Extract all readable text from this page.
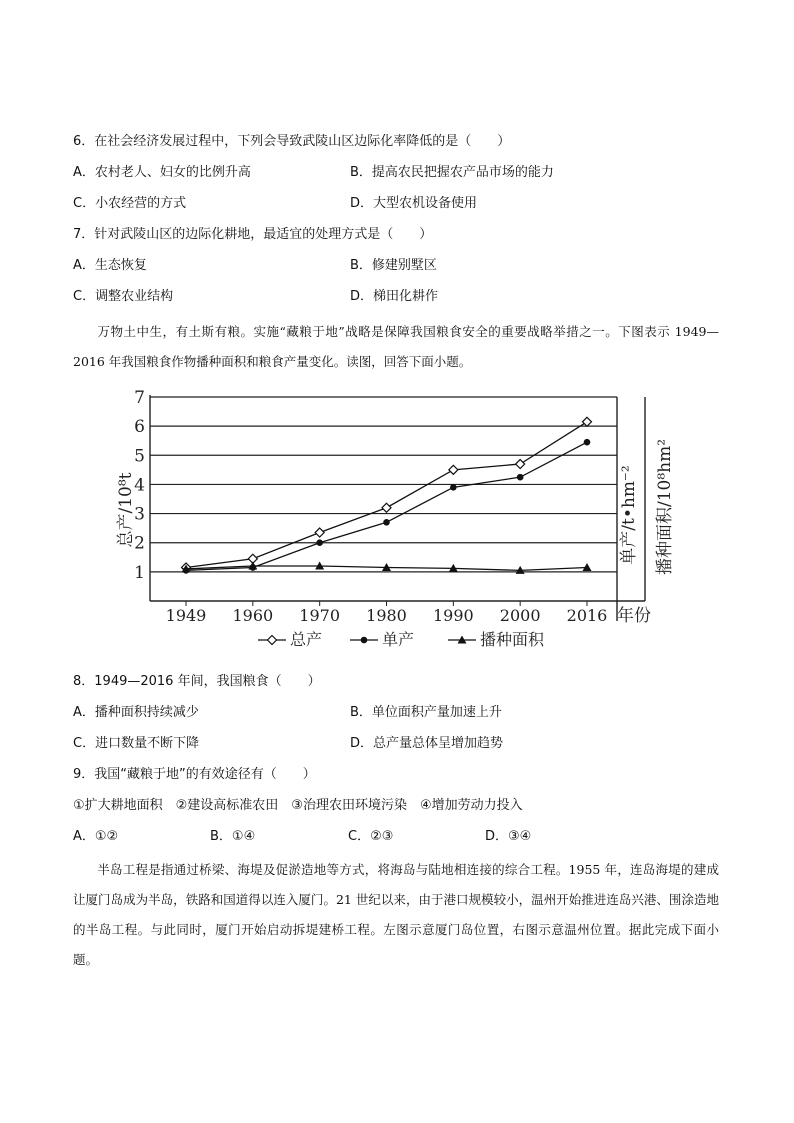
6．在社会经济发展过程中，下列会导致武陵山区边际化率降低的是（　　）
A．农村老人、妇女的比例升高	B．提高农民把握农产品市场的能力
C．小农经营的方式	D．大型农机设备使用
7．针对武陵山区的边际化耕地，最适宜的处理方式是（　　）
A．生态恢复	B．修建别墅区
C．调整农业结构	D．梯田化耕作
万物土中生，有土斯有粮。实施“藏粮于地”战略是保障我国粮食安全的重要战略举措之一。下图表示 1949—2016 年我国粮食作物播种面积和粮食产量变化。读图，回答下面小题。
1
2
3
4
5
6
7
1949 1960 1970 1980 1990 2000 2016
总产/10⁸t	单产/t•hm⁻² 播种面积/10⁸hm²
年份
总产	单产	播种面积
8．1949—2016 年间，我国粮食（　　）
A．播种面积持续减少	B．单位面积产量加速上升
C．进口数量不断下降	D．总产量总体呈增加趋势
9．我国“藏粮于地”的有效途径有（　　）
①扩大耕地面积　②建设高标准农田　③治理农田环境污染　④增加劳动力投入
A．①②	B．①④	C．②③	D．③④
半岛工程是指通过桥梁、海堤及促淤造地等方式，将海岛与陆地相连接的综合工程。1955 年，连岛海堤的建成让厦门岛成为半岛，铁路和国道得以连入厦门。21 世纪以来，由于港口规模较小，温州开始推进连岛兴港、围涂造地的半岛工程。与此同时，厦门开始启动拆堤建桥工程。左图示意厦门岛位置，右图示意温州位置。据此完成下面小题。
